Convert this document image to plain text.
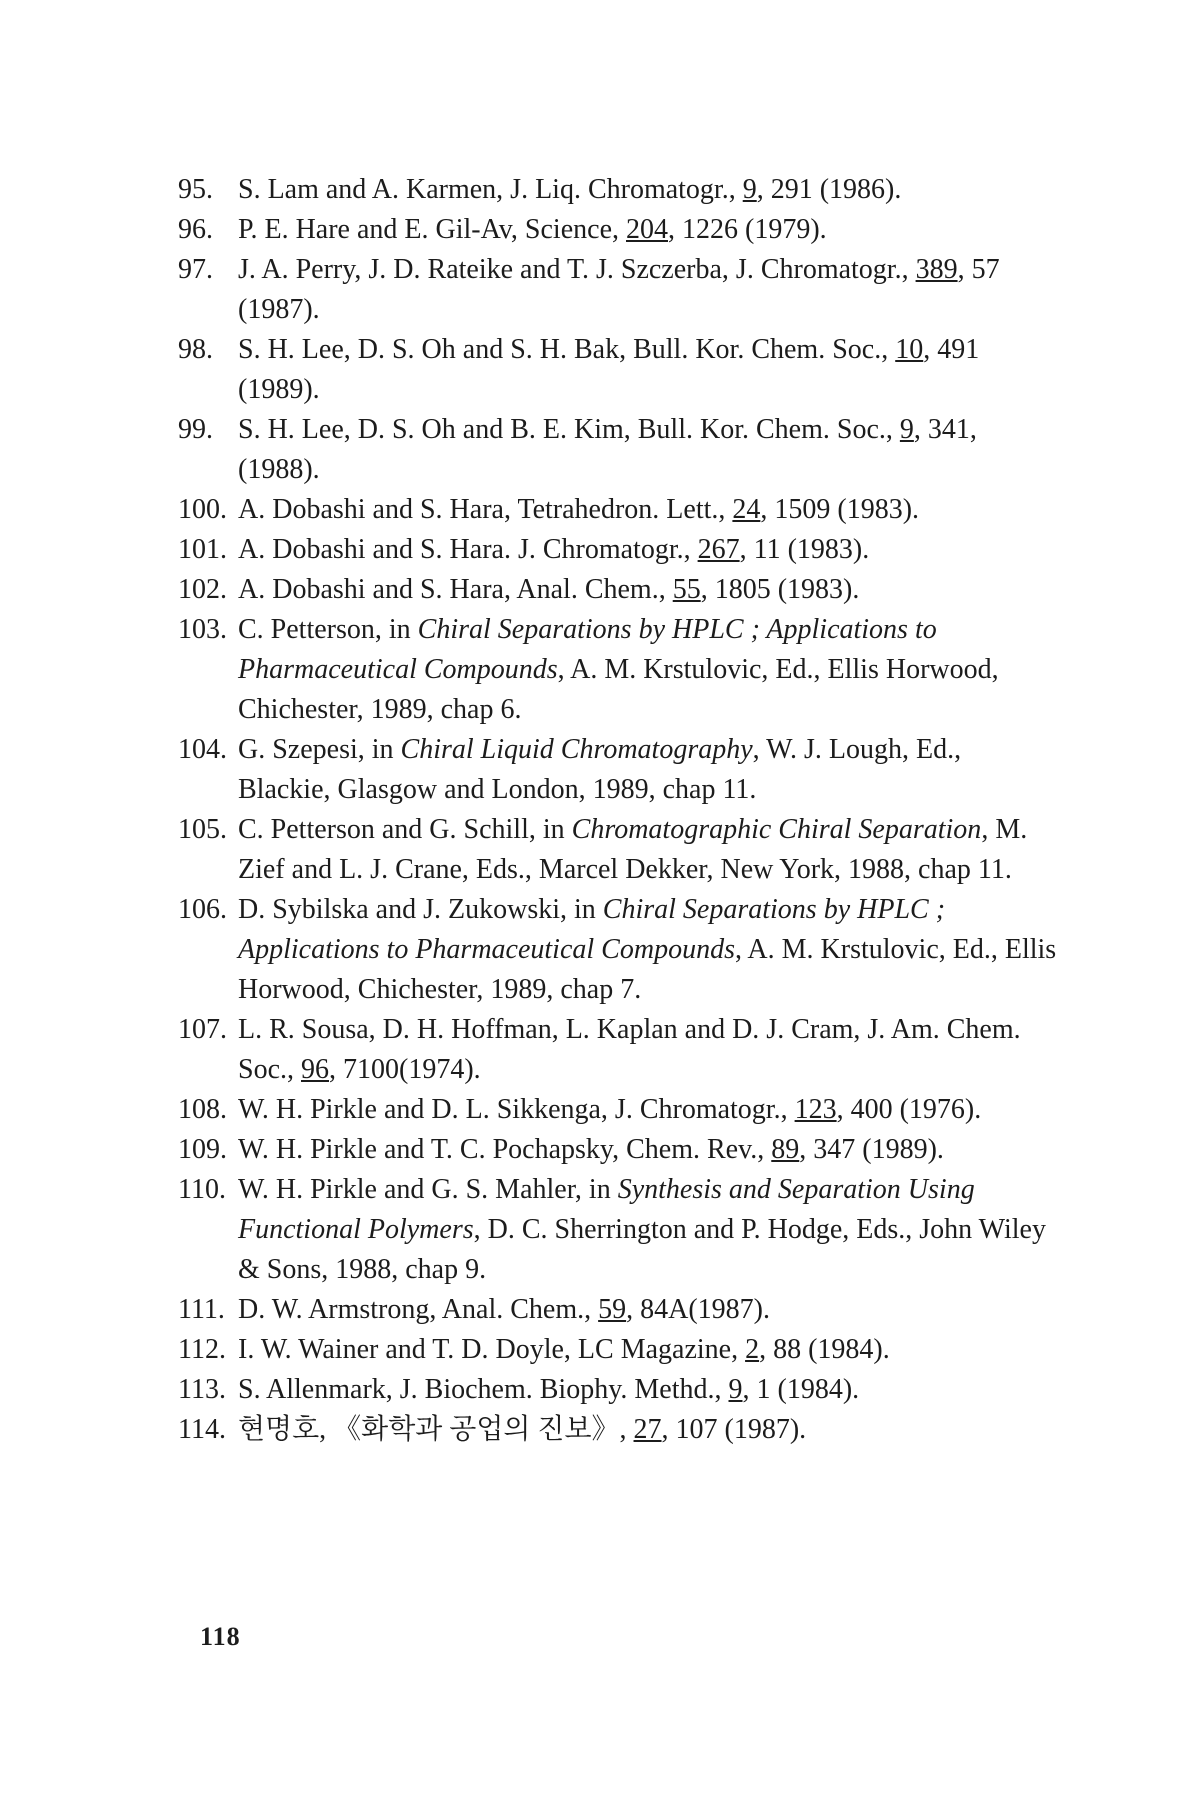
95. S. Lam and A. Karmen, J. Liq. Chromatogr., 9, 291 (1986).
96. P. E. Hare and E. Gil-Av, Science, 204, 1226 (1979).
97. J. A. Perry, J. D. Rateike and T. J. Szczerba, J. Chromatogr., 389, 57 (1987).
98. S. H. Lee, D. S. Oh and S. H. Bak, Bull. Kor. Chem. Soc., 10, 491 (1989).
99. S. H. Lee, D. S. Oh and B. E. Kim, Bull. Kor. Chem. Soc., 9, 341, (1988).
100. A. Dobashi and S. Hara, Tetrahedron. Lett., 24, 1509 (1983).
101. A. Dobashi and S. Hara. J. Chromatogr., 267, 11 (1983).
102. A. Dobashi and S. Hara, Anal. Chem., 55, 1805 (1983).
103. C. Petterson, in Chiral Separations by HPLC ; Applications to Pharmaceutical Compounds, A. M. Krstulovic, Ed., Ellis Horwood, Chichester, 1989, chap 6.
104. G. Szepesi, in Chiral Liquid Chromatography, W. J. Lough, Ed., Blackie, Glasgow and London, 1989, chap 11.
105. C. Petterson and G. Schill, in Chromatographic Chiral Separation, M. Zief and L. J. Crane, Eds., Marcel Dekker, New York, 1988, chap 11.
106. D. Sybilska and J. Zukowski, in Chiral Separations by HPLC ; Applications to Pharmaceutical Compounds, A. M. Krstulovic, Ed., Ellis Horwood, Chichester, 1989, chap 7.
107. L. R. Sousa, D. H. Hoffman, L. Kaplan and D. J. Cram, J. Am. Chem. Soc., 96, 7100(1974).
108. W. H. Pirkle and D. L. Sikkenga, J. Chromatogr., 123, 400 (1976).
109. W. H. Pirkle and T. C. Pochapsky, Chem. Rev., 89, 347 (1989).
110. W. H. Pirkle and G. S. Mahler, in Synthesis and Separation Using Functional Polymers, D. C. Sherrington and P. Hodge, Eds., John Wiley & Sons, 1988, chap 9.
111. D. W. Armstrong, Anal. Chem., 59, 84A(1987).
112. I. W. Wainer and T. D. Doyle, LC Magazine, 2, 88 (1984).
113. S. Allenmark, J. Biochem. Biophy. Methd., 9, 1 (1984).
114. 현명호, 《화학과 공업의 진보》, 27, 107 (1987).
118
